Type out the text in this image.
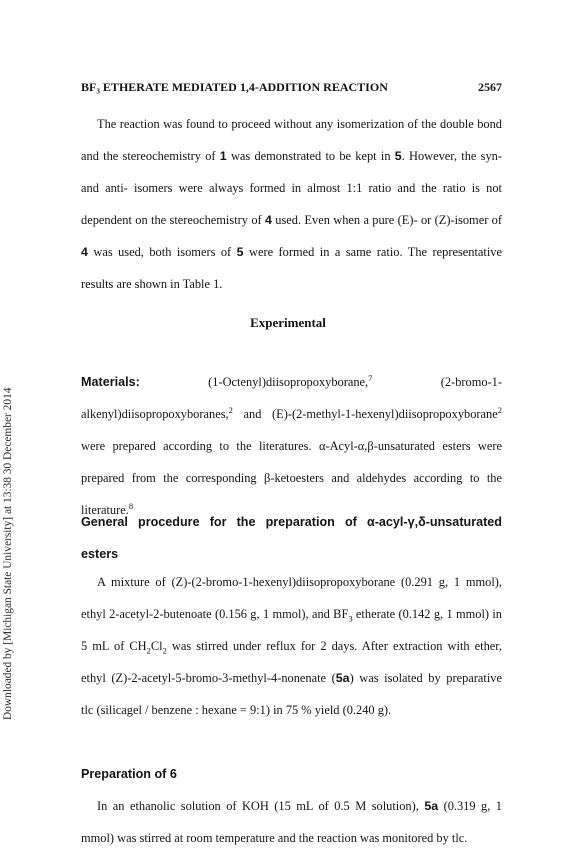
Downloaded by [Michigan State University] at 13:38 30 December 2014
BF₃ ETHERATE MEDIATED 1,4-ADDITION REACTION	2567
The reaction was found to proceed without any isomerization of the double bond and the stereochemistry of 1 was demonstrated to be kept in 5. However, the syn- and anti- isomers were always formed in almost 1:1 ratio and the ratio is not dependent on the stereochemistry of 4 used. Even when a pure (E)- or (Z)-isomer of 4 was used, both isomers of 5 were formed in a same ratio. The representative results are shown in Table 1.
Experimental
Materials: (1-Octenyl)diisopropoxyborane,$^7$ (2-bromo-1-alkenyl)diisopropoxyboranes,$^2$ and (E)-(2-methyl-1-hexenyl)diisopropoxyborane$^2$ were prepared according to the literatures. α-Acyl-α,β-unsaturated esters were prepared from the corresponding β-ketoesters and aldehydes according to the literature.$^8$
General procedure for the preparation of α-acyl-γ,δ-unsaturated esters
A mixture of (Z)-(2-bromo-1-hexenyl)diisopropoxyborane (0.291 g, 1 mmol), ethyl 2-acetyl-2-butenoate (0.156 g, 1 mmol), and $BF_3$ etherate (0.142 g, 1 mmol) in 5 mL of $CH_2Cl_2$ was stirred under reflux for 2 days. After extraction with ether, ethyl (Z)-2-acetyl-5-bromo-3-methyl-4-nonenate (5a) was isolated by preparative tlc (silicagel / benzene : hexane = 9:1) in 75 % yield (0.240 g).
Preparation of 6
In an ethanolic solution of KOH (15 mL of 0.5 M solution), 5a (0.319 g, 1 mmol) was stirred at room temperature and the reaction was monitored by tlc.
